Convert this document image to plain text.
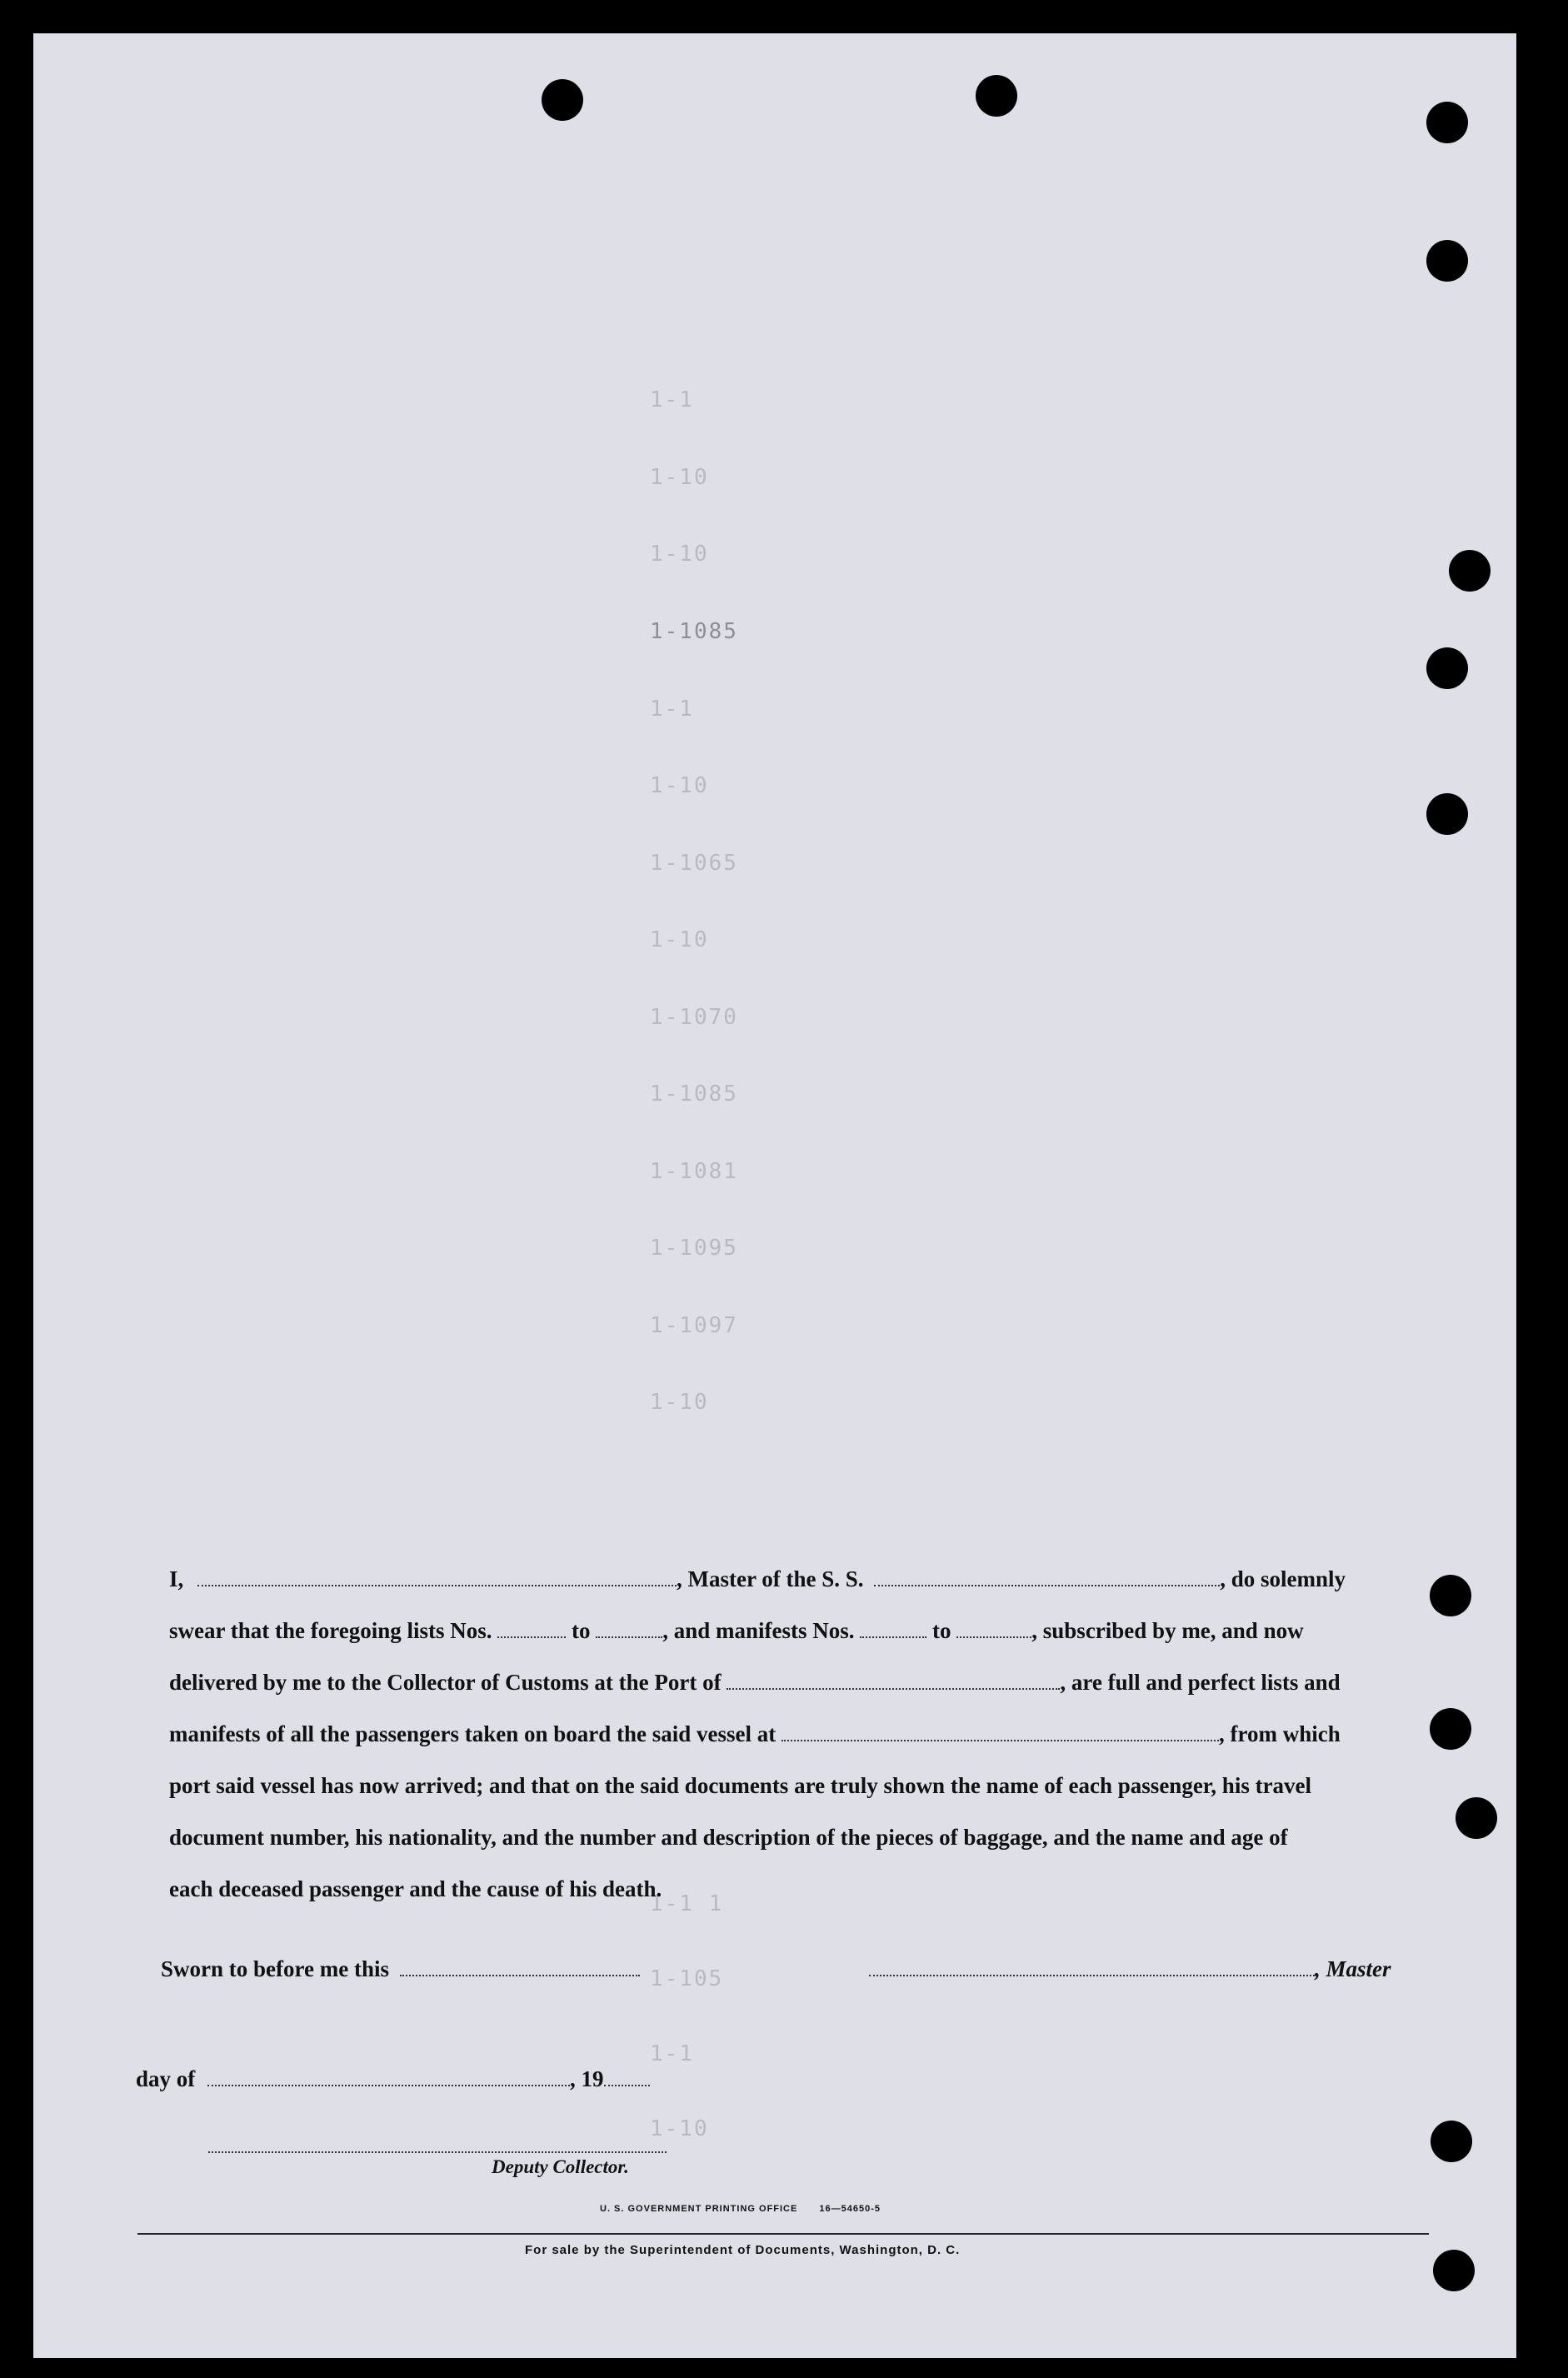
1-1
1-10
1-10
1-1085
1-1
1-10
1-1065
1-10
1-1070
1-1085
1-1081
1-1095
1-1097
1-10
1-1 1
1-105
1-1
1-10
I,	, Master of the S. S.	, do solemnly
swear that the foregoing lists Nos.	to	, and manifests Nos.	to	, subscribed by me, and now
delivered by me to the Collector of Customs at the Port of	, are full and perfect lists and
manifests of all the passengers taken on board the said vessel at	, from which
port said vessel has now arrived; and that on the said documents are truly shown the name of each passenger, his travel
document number, his nationality, and the number and description of the pieces of baggage, and the name and age of
each deceased passenger and the cause of his death.
Sworn to before me this	, Master
day of	, 19
Deputy Collector.
U. S. GOVERNMENT PRINTING OFFICE 16—54650-5
For sale by the Superintendent of Documents, Washington, D. C.
